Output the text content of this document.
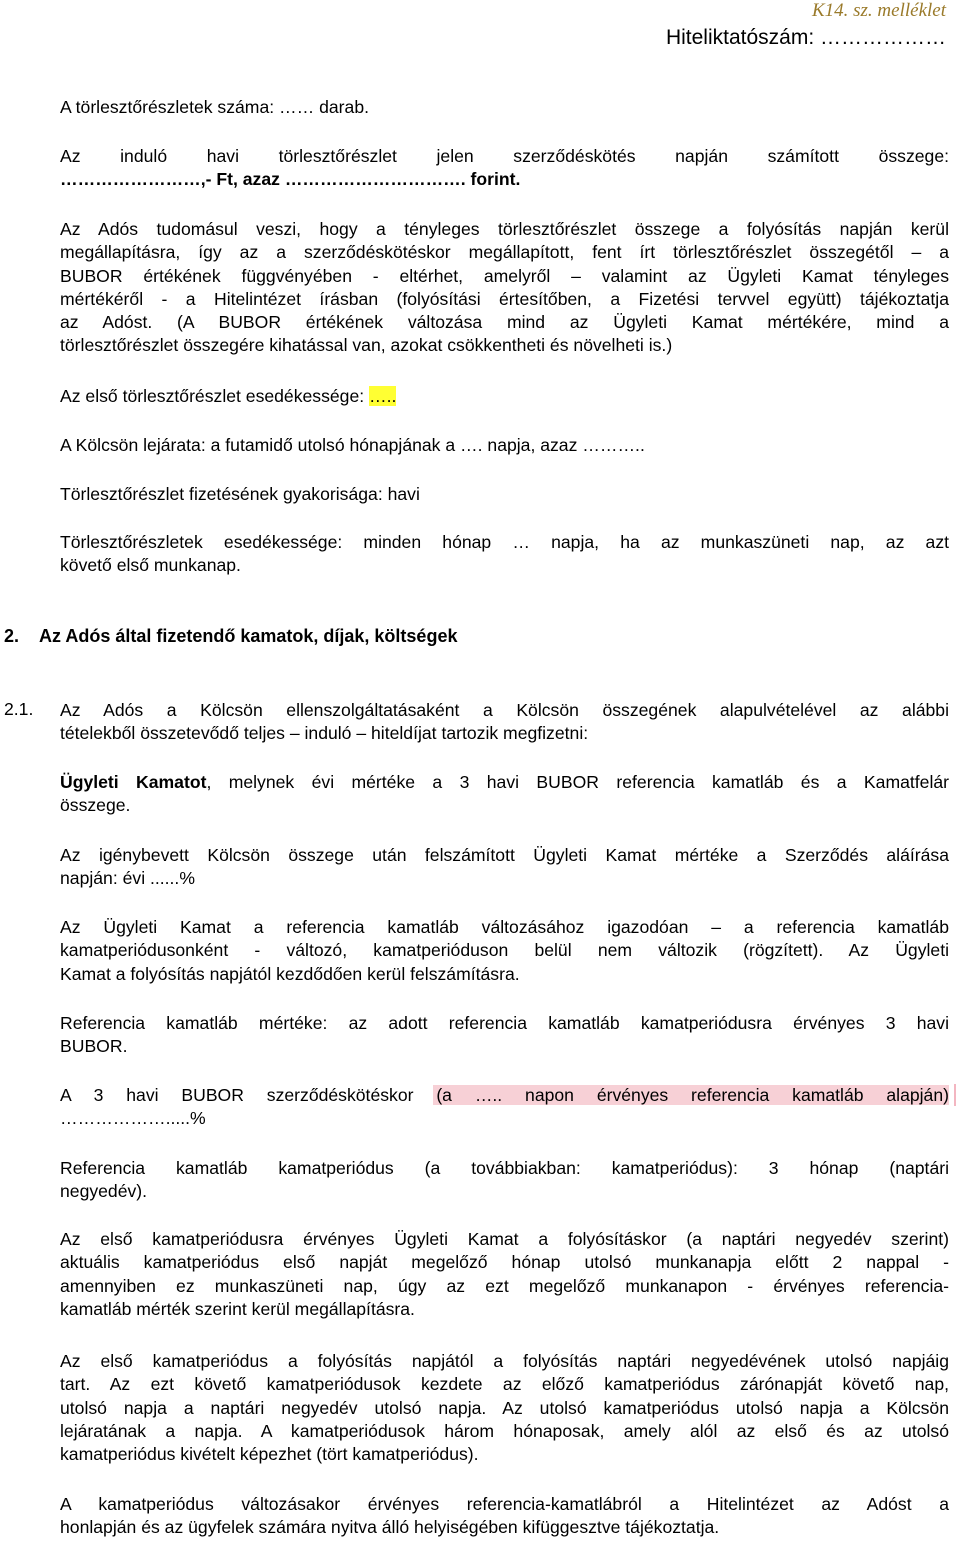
K14. sz. melléklet
Hiteliktatószám: ………………
A törlesztőrészletek száma: …… darab.
Az induló havi törlesztőrészlet jelen szerződéskötés napján számított összege:
……………………,- Ft, azaz …………………………. forint.
Az Adós tudomásul veszi, hogy a tényleges törlesztőrészlet összege a folyósítás napján kerül
megállapításra, így az a szerződéskötéskor megállapított, fent írt törlesztőrészlet összegétől – a
BUBOR értékének függvényében - eltérhet, amelyről – valamint az Ügyleti Kamat tényleges
mértékéről - a Hitelintézet írásban (folyósítási értesítőben, a Fizetési tervvel együtt) tájékoztatja
az Adóst. (A BUBOR értékének változása mind az Ügyleti Kamat mértékére, mind a
törlesztőrészlet összegére kihatással van, azokat csökkentheti és növelheti is.)
Az első törlesztőrészlet esedékessége: …..
A Kölcsön lejárata: a futamidő utolsó hónapjának a …. napja, azaz ………..
Törlesztőrészlet fizetésének gyakorisága: havi
Törlesztőrészletek esedékessége: minden hónap … napja, ha az munkaszüneti nap, az azt
követő első munkanap.
2. Az Adós által fizetendő kamatok, díjak, költségek
2.1. Az Adós a Kölcsön ellenszolgáltatásaként a Kölcsön összegének alapulvételével az alábbi
tételekből összetevődő teljes – induló – hiteldíjat tartozik megfizetni:
Ügyleti Kamatot, melynek évi mértéke a 3 havi BUBOR referencia kamatláb és a Kamatfelár
összege.
Az igénybevett Kölcsön összege után felszámított Ügyleti Kamat mértéke a Szerződés aláírása
napján: évi ......%
Az Ügyleti Kamat a referencia kamatláb változásához igazodóan – a referencia kamatláb
kamatperiódusonként - változó, kamatperióduson belül nem változik (rögzített). Az Ügyleti
Kamat a folyósítás napjától kezdődően kerül felszámításra.
Referencia kamatláb mértéke: az adott referencia kamatláb kamatperiódusra érvényes 3 havi
BUBOR.
A 3 havi BUBOR szerződéskötéskor (a ….. napon érvényes referencia kamatláb alapján)
……………….....%
Referencia kamatláb kamatperiódus (a továbbiakban: kamatperiódus): 3 hónap (naptári
negyedév).
Az első kamatperiódusra érvényes Ügyleti Kamat a folyósításkor (a naptári negyedév szerint)
aktuális kamatperiódus első napját megelőző hónap utolsó munkanapja előtt 2 nappal -
amennyiben ez munkaszüneti nap, úgy az ezt megelőző munkanapon - érvényes referencia-
kamatláb mérték szerint kerül megállapításra.
Az első kamatperiódus a folyósítás napjától a folyósítás naptári negyedévének utolsó napjáig
tart. Az ezt követő kamatperiódusok kezdete az előző kamatperiódus zárónapját követő nap,
utolsó napja a naptári negyedév utolsó napja. Az utolsó kamatperiódus utolsó napja a Kölcsön
lejáratának a napja. A kamatperiódusok három hónaposak, amely alól az első és az utolsó
kamatperiódus kivételt képezhet (tört kamatperiódus).
A kamatperiódus változásakor érvényes referencia-kamatlábról a Hitelintézet az Adóst a
honlapján és az ügyfelek számára nyitva álló helyiségében kifüggesztve tájékoztatja.
